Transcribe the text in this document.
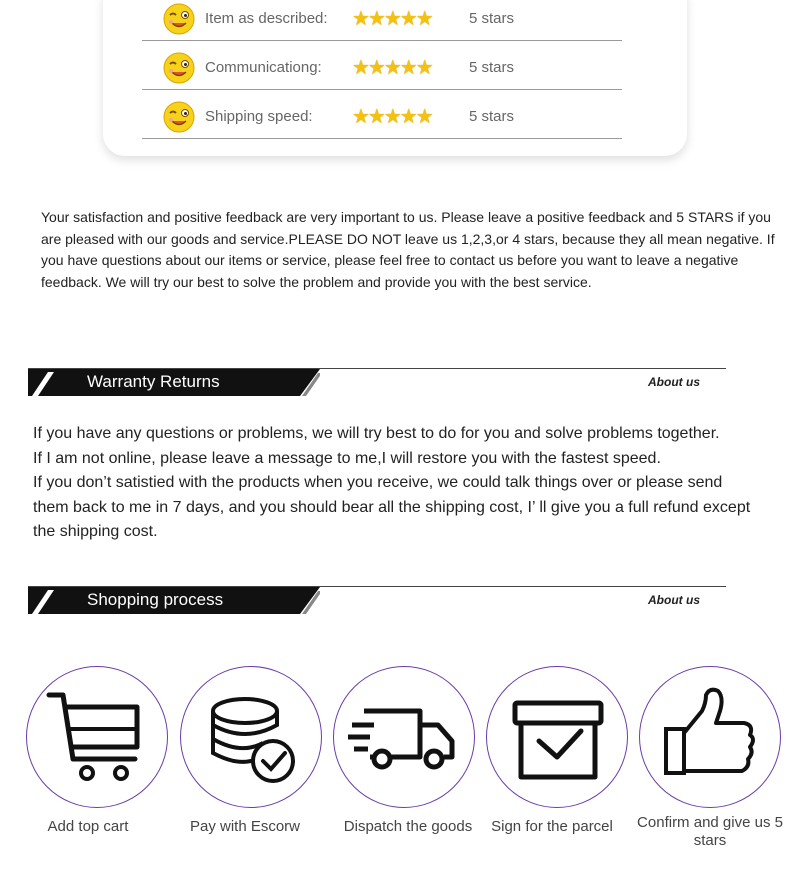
Item as described: ★★★★★ 5 stars
Communicationg: ★★★★★ 5 stars
Shipping speed: ★★★★★ 5 stars
Your satisfaction and positive feedback are very important to us. Please leave a positive feedback and 5 STARS if you are pleased with our goods and service.PLEASE DO NOT leave us 1,2,3,or 4 stars, because they all mean negative. If you have questions about our items or service, please feel free to contact us before you want to leave a negative feedback. We will try our best to solve the problem and provide you with the best service.
Warranty Returns	About us
If you have any questions or problems, we will try best to do for you and solve problems together.
If I am not online, please leave a message to me,I will restore you with the fastest speed.
If you don’t satistied with the products when you receive, we could talk things over or please send them back to me in 7 days, and you should bear all the shipping cost, I’ ll give you a full refund except the shipping cost.
Shopping process	About us
Add top cart	Pay with Escorw	Dispatch the goods	Sign for the parcel	Confirm and give us 5 stars
